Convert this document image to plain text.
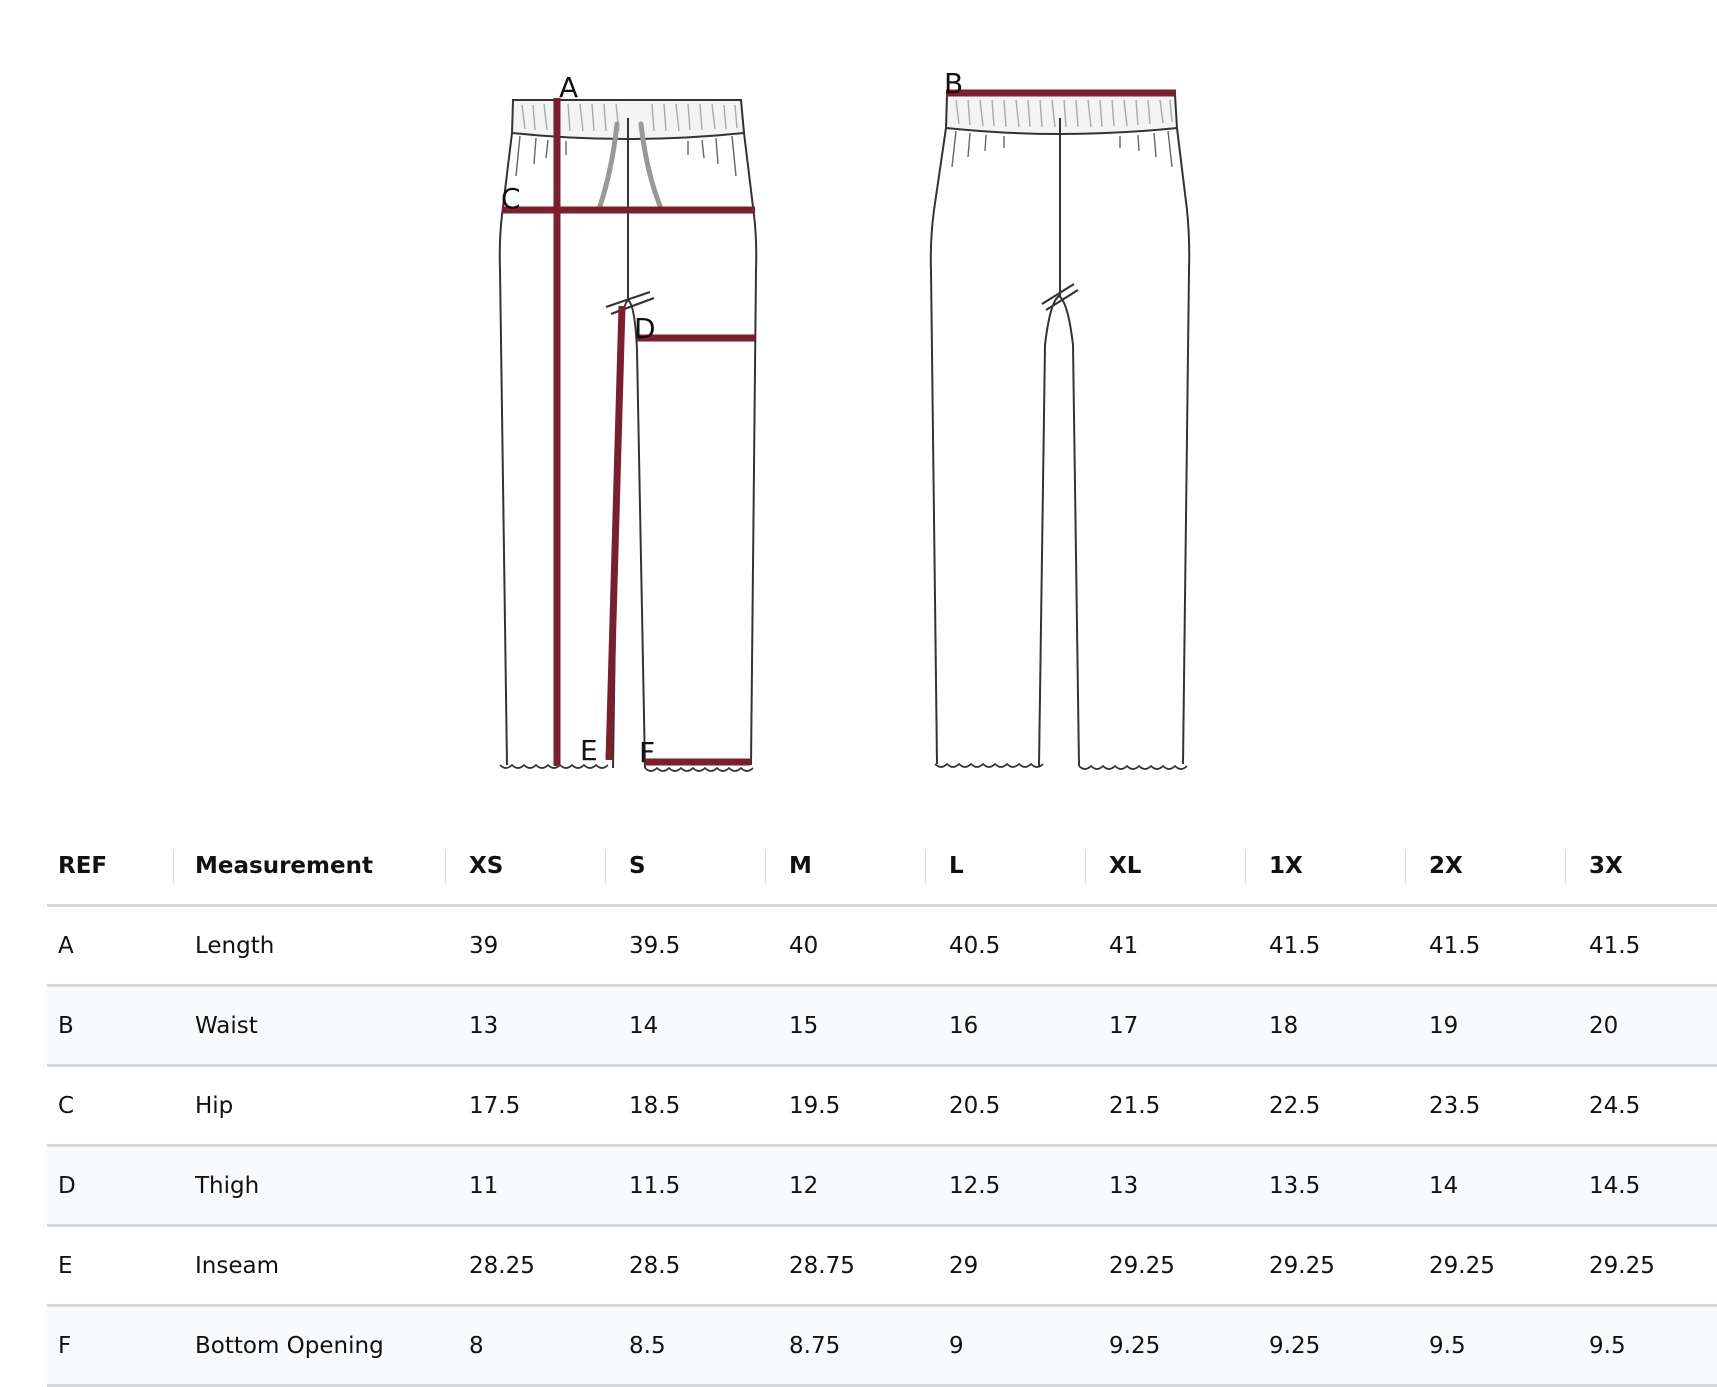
A
C
D
E F
B
REF	Measurement	XS	S	M	L	XL	1X	2X	3X
A	Length	39	39.5	40	40.5	41	41.5	41.5	41.5
B	Waist	13	14	15	16	17	18	19	20
C	Hip	17.5	18.5	19.5	20.5	21.5	22.5	23.5	24.5
D	Thigh	11	11.5	12	12.5	13	13.5	14	14.5
E	Inseam	28.25	28.5	28.75	29	29.25	29.25	29.25	29.25
F	Bottom Opening	8	8.5	8.75	9	9.25	9.25	9.5	9.5
